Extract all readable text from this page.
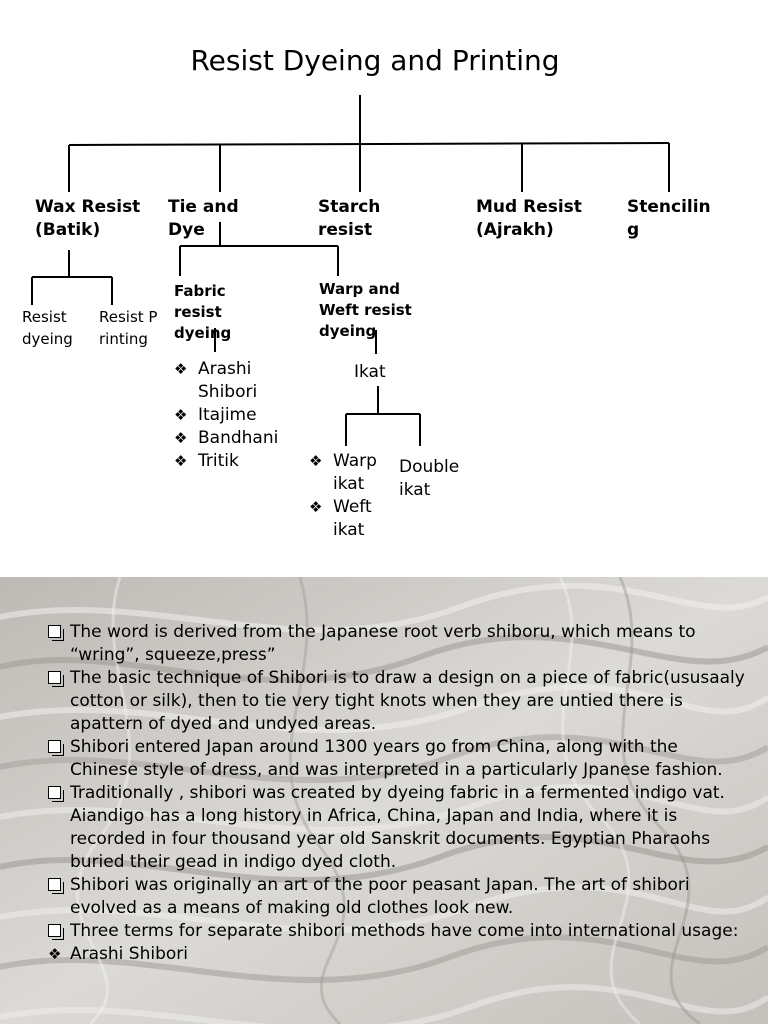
Resist Dyeing and Printing
Wax Resist (Batik)
Tie and Dye
Starch resist
Mud Resist (Ajrakh)
Stenciling
Resist dyeing
Resist Printing
Fabric resist dyeing
Warp and Weft resist dyeing
❖ Arashi Shibori
❖ Itajime
❖ Bandhani
❖ Tritik
Ikat
❖ Warp ikat
❖ Weft ikat
Double ikat
The word is derived from the Japanese root verb shiboru, which means to “wring”, squeeze,press”
The basic technique of Shibori is to draw a design on a piece of fabric(ususaaly cotton or silk), then to tie very tight knots when they are untied there is apattern of dyed and undyed areas.
Shibori entered Japan around 1300 years go from China, along with the Chinese style of dress, and was interpreted in a particularly Jpanese fashion.
Traditionally , shibori was created by dyeing fabric in a fermented indigo vat. Aiandigo has a long history in Africa, China, Japan and India, where it is recorded in four thousand year old Sanskrit documents. Egyptian Pharaohs buried their gead in indigo dyed cloth.
Shibori was originally an art of the poor peasant Japan. The art of shibori evolved as a means of making old clothes look new.
Three terms for separate shibori methods have come into international usage:
❖ Arashi Shibori
